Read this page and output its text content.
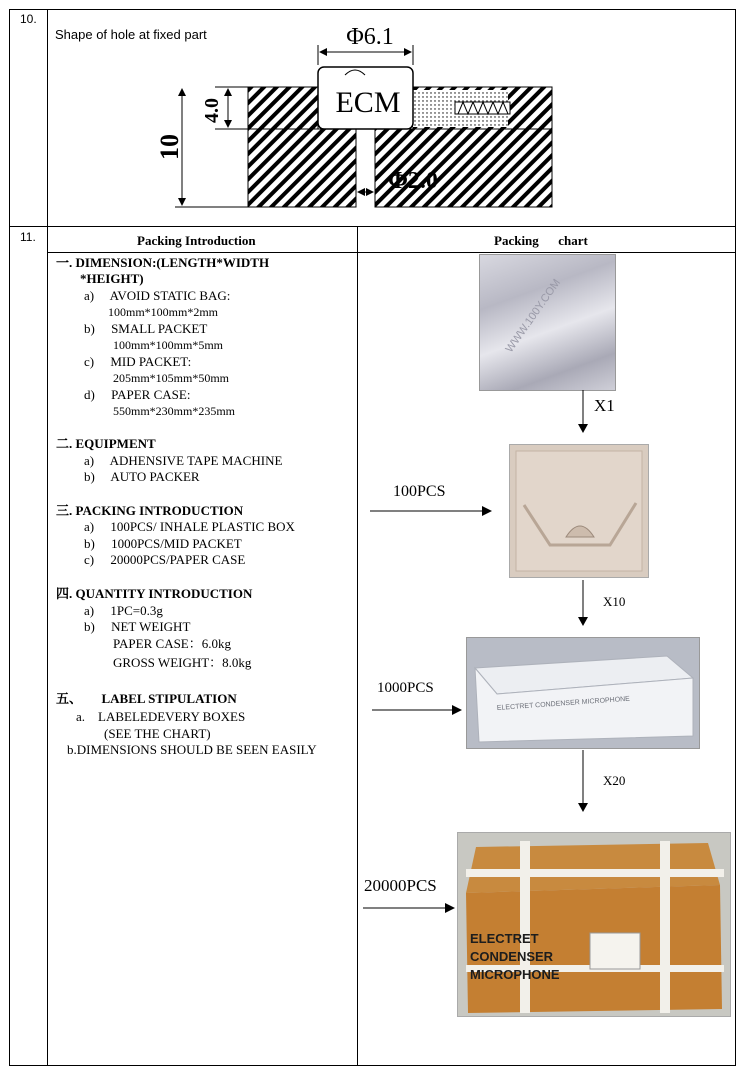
10.
Shape of hole at fixed part
ECM
Φ6.1
4.0
10
Φ2.0
11.	Packing Introduction	Packing      chart
一. DIMENSION:(LENGTH*WIDTH
*HEIGHT)
a)     AVOID STATIC BAG:
100mm*100mm*2mm
b)     SMALL PACKET
100mm*100mm*5mm
c)     MID PACKET:
205mm*105mm*50mm
d)     PAPER CASE:
550mm*230mm*235mm
二. EQUIPMENT
a)     ADHENSIVE TAPE MACHINE
b)     AUTO PACKER
三. PACKING INTRODUCTION
a)     100PCS/ INHALE PLASTIC BOX
b)     1000PCS/MID PACKET
c)     20000PCS/PAPER CASE
四. QUANTITY INTRODUCTION
a)     1PC=0.3g
b)     NET WEIGHT
PAPER CASE：6.0kg
GROSS WEIGHT：8.0kg
五、      LABEL STIPULATION
a.    LABELEDEVERY BOXES
(SEE THE CHART)
b.DIMENSIONS SHOULD BE SEEN EASILY
WWW.100Y.COM
X1
100PCS
X10
ELECTRET CONDENSER MICROPHONE
1000PCS
X20
ELECTRET
CONDENSER
MICROPHONE
20000PCS
